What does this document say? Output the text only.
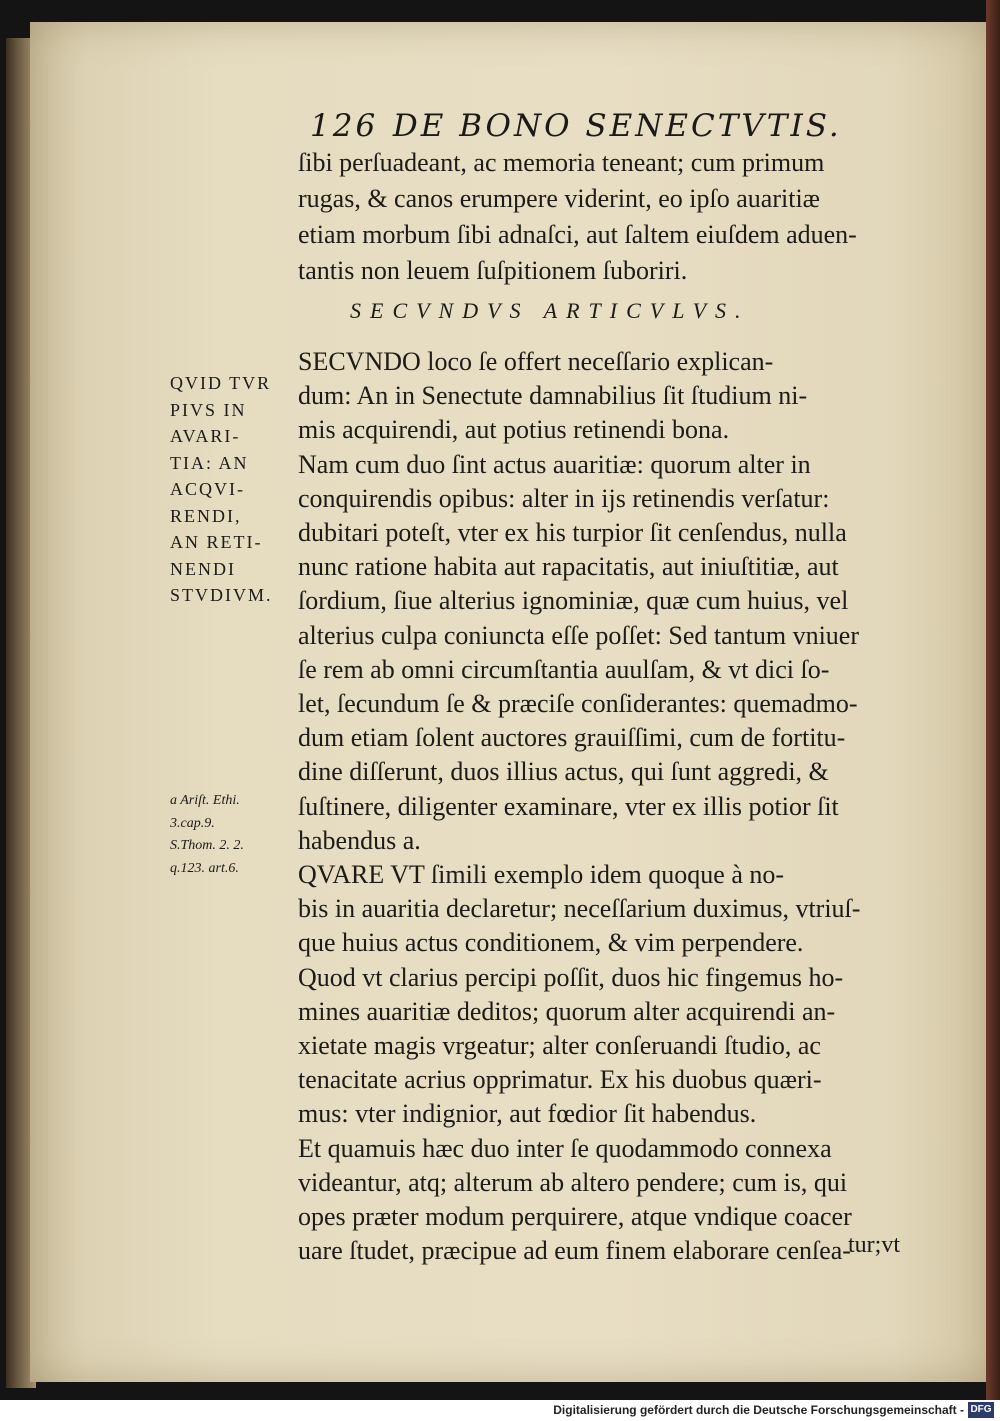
126 DE BONO SENECTVTIS.
ſibi perſuadeant, ac memoria teneant; cum primum
rugas, & canos erumpere viderint, eo ipſo auaritiæ
etiam morbum ſibi adnaſci, aut ſaltem eiuſdem aduen-
tantis non leuem ſuſpitionem ſuboriri.
SECVNDVS ARTICVLVS.
SECVNDO loco ſe offert neceſſario explican-
dum: An in Senectute damnabilius ſit ſtudium ni-
mis acquirendi, aut potius retinendi bona.
Nam cum duo ſint actus auaritiæ: quorum alter in
conquirendis opibus: alter in ijs retinendis verſatur:
dubitari poteſt, vter ex his turpior ſit cenſendus, nulla
nunc ratione habita aut rapacitatis, aut iniuſtitiæ, aut
ſordium, ſiue alterius ignominiæ, quæ cum huius, vel
alterius culpa coniuncta eſſe poſſet: Sed tantum vniuer
ſe rem ab omni circumſtantia auulſam, & vt dici ſo-
let, ſecundum ſe & præciſe conſiderantes: quemadmo-
dum etiam ſolent auctores grauiſſimi, cum de fortitu-
dine diſſerunt, duos illius actus, qui ſunt aggredi, &
ſuſtinere, diligenter examinare, vter ex illis potior ſit
habendus a.
QVARE VT ſimili exemplo idem quoque à no-
bis in auaritia declaretur; neceſſarium duximus, vtriuſ-
que huius actus conditionem, & vim perpendere.
Quod vt clarius percipi poſſit, duos hic fingemus ho-
mines auaritiæ deditos; quorum alter acquirendi an-
xietate magis vrgeatur; alter conſeruandi ſtudio, ac
tenacitate acrius opprimatur. Ex his duobus quæri-
mus: vter indignior, aut fœdior ſit habendus.
Et quamuis hæc duo inter ſe quodammodo connexa
videantur, atq; alterum ab altero pendere; cum is, qui
opes præter modum perquirere, atque vndique coacer
uare ſtudet, præcipue ad eum finem elaborare cenſea-
QVID TVR
PIVS IN
AVARI-
TIA: AN
ACQVI-
RENDI,
AN RETI-
NENDI
STVDIVM.
a Ariſt. Ethi.
3.cap.9.
S.Thom. 2. 2.
q.123. art.6.
tur;vt
Digitalisierung gefördert durch die Deutsche Forschungsgemeinschaft - DFG
